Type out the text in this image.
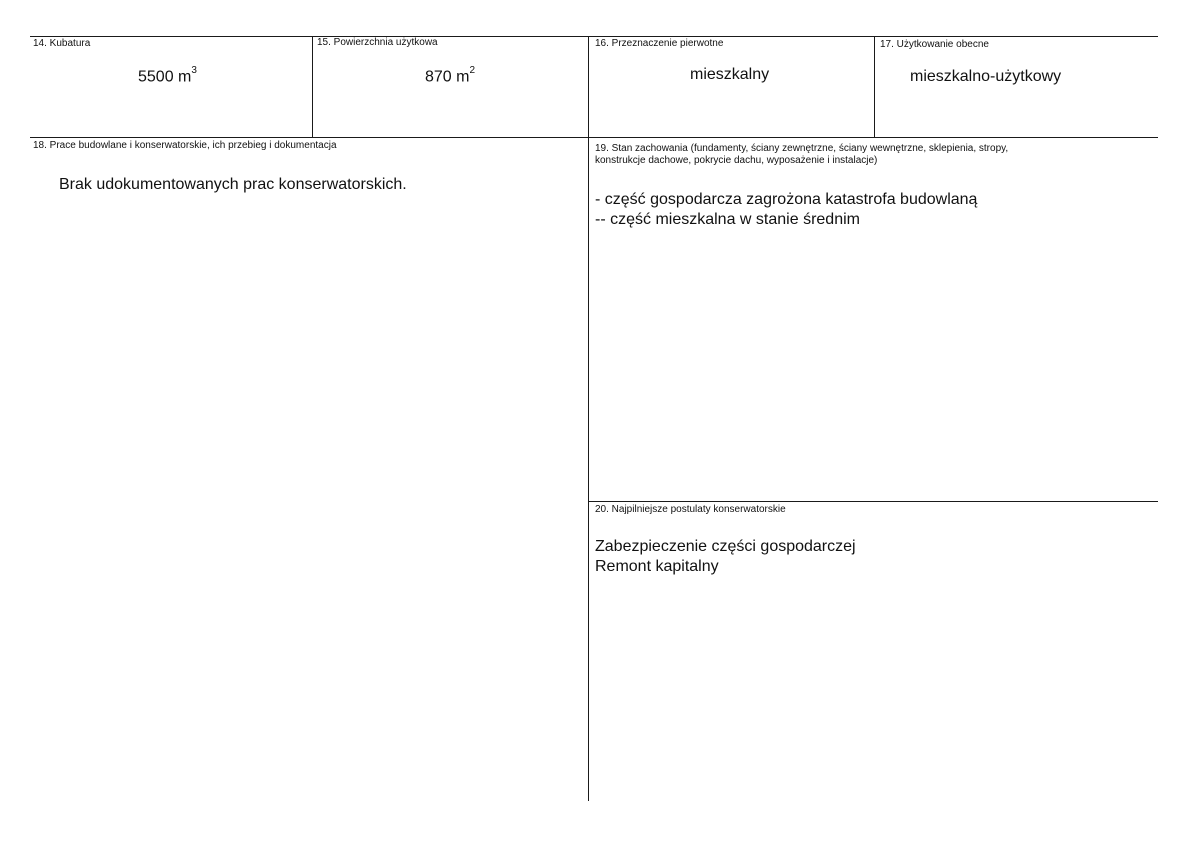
14. Kubatura
5500 $m^3$
15. Powierzchnia użytkowa
870 $m^2$
16. Przeznaczenie pierwotne
mieszkalny
17. Użytkowanie obecne
mieszkalno-użytkowy
18. Prace budowlane i konserwatorskie, ich przebieg i dokumentacja
Brak udokumentowanych prac konserwatorskich.
19. Stan zachowania (fundamenty, ściany zewnętrzne, ściany wewnętrzne, sklepienia, stropy,
konstrukcje dachowe, pokrycie dachu, wyposażenie i instalacje)
- część gospodarcza zagrożona katastrofa budowlaną
-- część mieszkalna w stanie średnim
20. Najpilniejsze postulaty konserwatorskie
Zabezpieczenie części gospodarczej
Remont kapitalny
